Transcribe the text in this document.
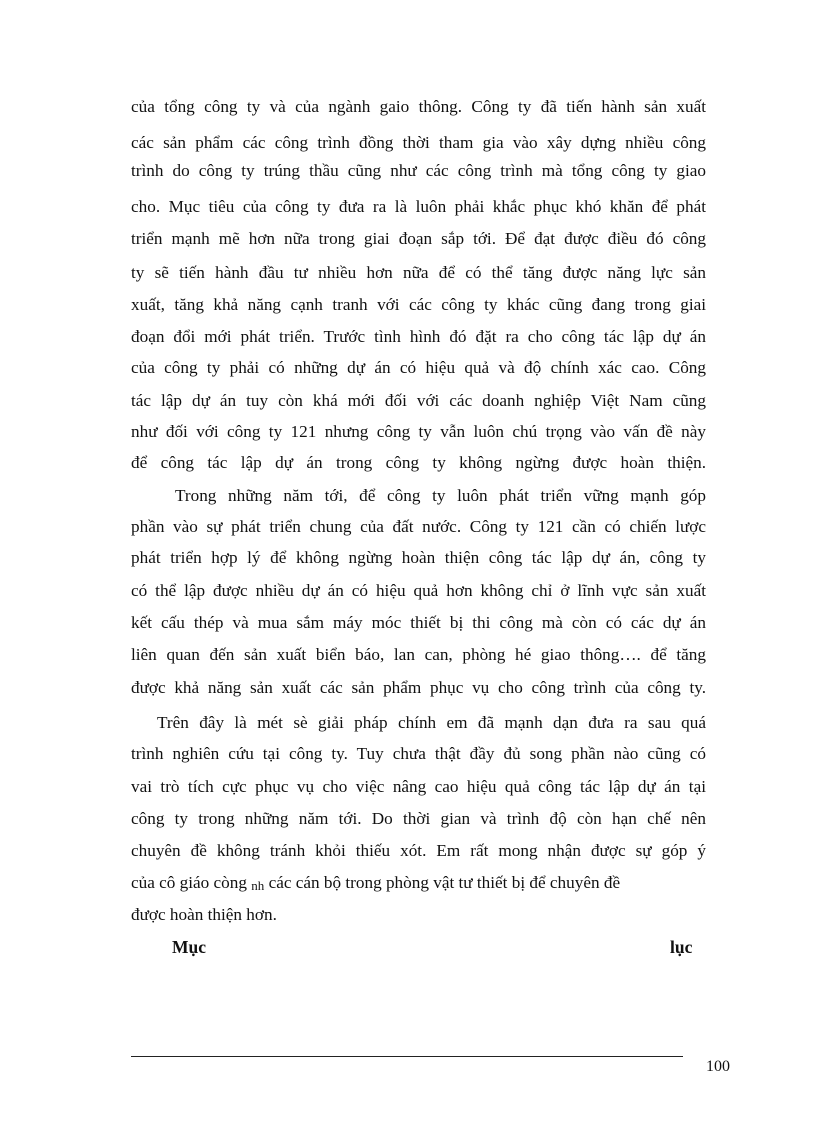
của tổng công ty và của ngành gaio thông. Công ty đã tiến hành sản xuất
các sản phẩm các công trình đồng thời tham gia vào xây dựng nhiều công
trình do công ty trúng thầu cũng như các công trình mà tổng công ty giao
cho. Mục tiêu của công ty đưa ra là luôn phải khắc phục khó khăn để phát
triển mạnh mẽ hơn nữa trong giai đoạn sắp tới. Để đạt được điều đó công
ty sẽ tiến hành đầu tư nhiều hơn nữa để có thể tăng được năng lực sản
xuất, tăng khả năng cạnh tranh với các công ty khác cũng đang trong giai
đoạn đổi mới phát triển. Trước tình hình đó đặt ra cho công tác lập dự án
của công ty phải có những dự án có hiệu quả và độ chính xác cao. Công
tác lập dự án tuy còn khá mới đối với các doanh nghiệp Việt Nam cũng
như đối với công ty 121 nhưng công ty vẫn luôn chú trọng vào vấn đề này
để công tác lập dự án trong công ty không ngừng được hoàn thiện.
Trong những năm tới, để công ty luôn phát triển vững mạnh góp
phần vào sự phát triển chung của đất nước. Công ty 121 cần có chiến lược
phát triển hợp lý để không ngừng hoàn thiện công tác lập dự án, công ty
có thể lập được nhiều dự án có hiệu quả hơn không chỉ ở lĩnh vực sản xuất
kết cấu thép và mua sắm máy móc thiết bị thi công mà còn có các dự án
liên quan đến sản xuất biển báo, lan can, phòng hé giao thông…. để tăng
được khả năng sản xuất các sản phẩm phục vụ cho công trình của công ty.
Trên đây là mét sè giải pháp chính em đã mạnh dạn đưa ra sau quá
trình nghiên cứu tại công ty. Tuy chưa thật đầy đủ song phần nào cũng có
vai trò tích cực phục vụ cho việc nâng cao hiệu quả công tác lập dự án tại
công ty trong những năm tới. Do thời gian và trình độ còn hạn chế nên
chuyên đề không tránh khỏi thiếu xót. Em rất mong nhận được sự góp ý
của cô giáo còng nh các cán bộ trong phòng vật tư thiết bị để chuyên đề
được hoàn thiện hơn.
Mục	lục
100
